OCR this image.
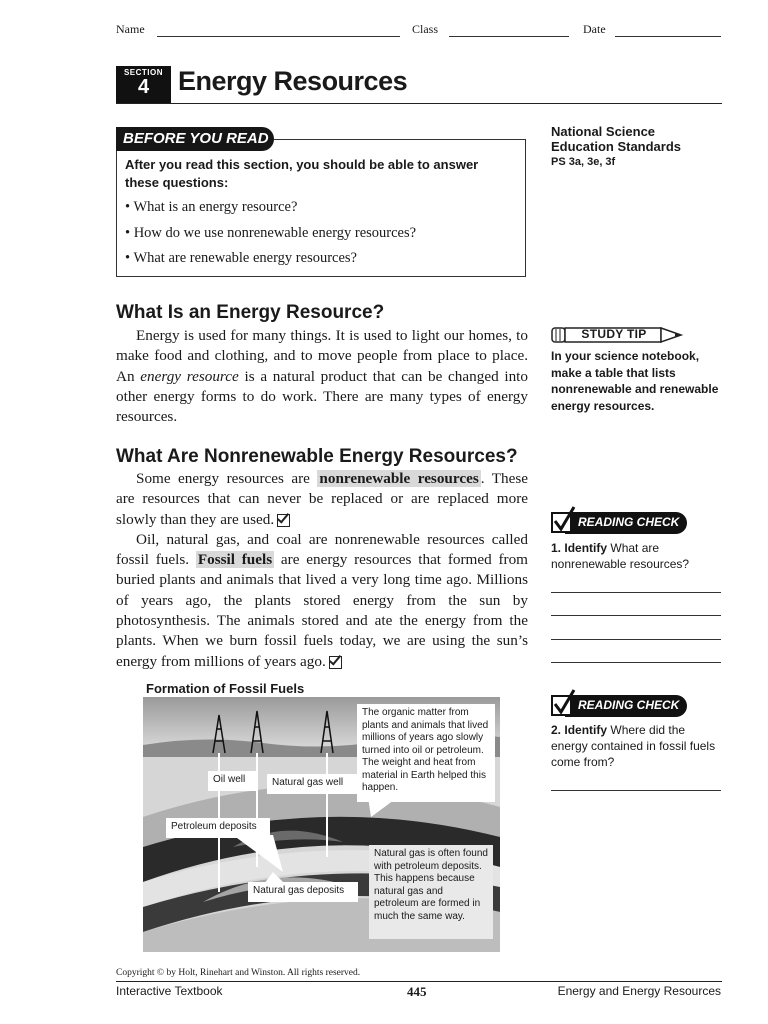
Name	Class	Date
SECTION
4	Energy Resources
BEFORE YOU READ
After you read this section, you should be able to answer these questions:
• What is an energy resource?
• How do we use nonrenewable energy resources?
• What are renewable energy resources?
National Science Education Standards
PS 3a, 3e, 3f
What Is an Energy Resource?

Energy is used for many things. It is used to light our homes, to make food and clothing, and to move people from place to place. An energy resource is a natural product that can be changed into other energy forms to do work. There are many types of energy resources.

What Are Nonrenewable Energy Resources?

Some energy resources are nonrenewable resources . These are resources that can never be replaced or are replaced more slowly than they are used.

Oil, natural gas, and coal are nonrenewable resources called fossil fuels. Fossil fuels are energy resources that formed from buried plants and animals that lived a very long time ago. Millions of years ago, the plants stored energy from the sun by photosynthesis. The animals stored and ate the energy from the plants. When we burn fossil fuels today, we are using the sun’s energy from millions of years ago.

STUDY TIP
In your science notebook, make a table that lists nonrenewable and renewable energy resources.
READING CHECK
1. Identify What are nonrenewable resources?
READING CHECK
2. Identify Where did the energy contained in fossil fuels come from?
Formation of Fossil Fuels
The organic matter from plants and animals that lived millions of years ago slowly turned into oil or petroleum. The weight and heat from material in Earth helped this happen.
Oil well	Natural gas well
Petroleum deposits
Natural gas deposits
Natural gas is often found with petroleum deposits. This happens because natural gas and petroleum are formed in much the same way.
Copyright © by Holt, Rinehart and Winston. All rights reserved.
Interactive Textbook	445	Energy and Energy Resources
